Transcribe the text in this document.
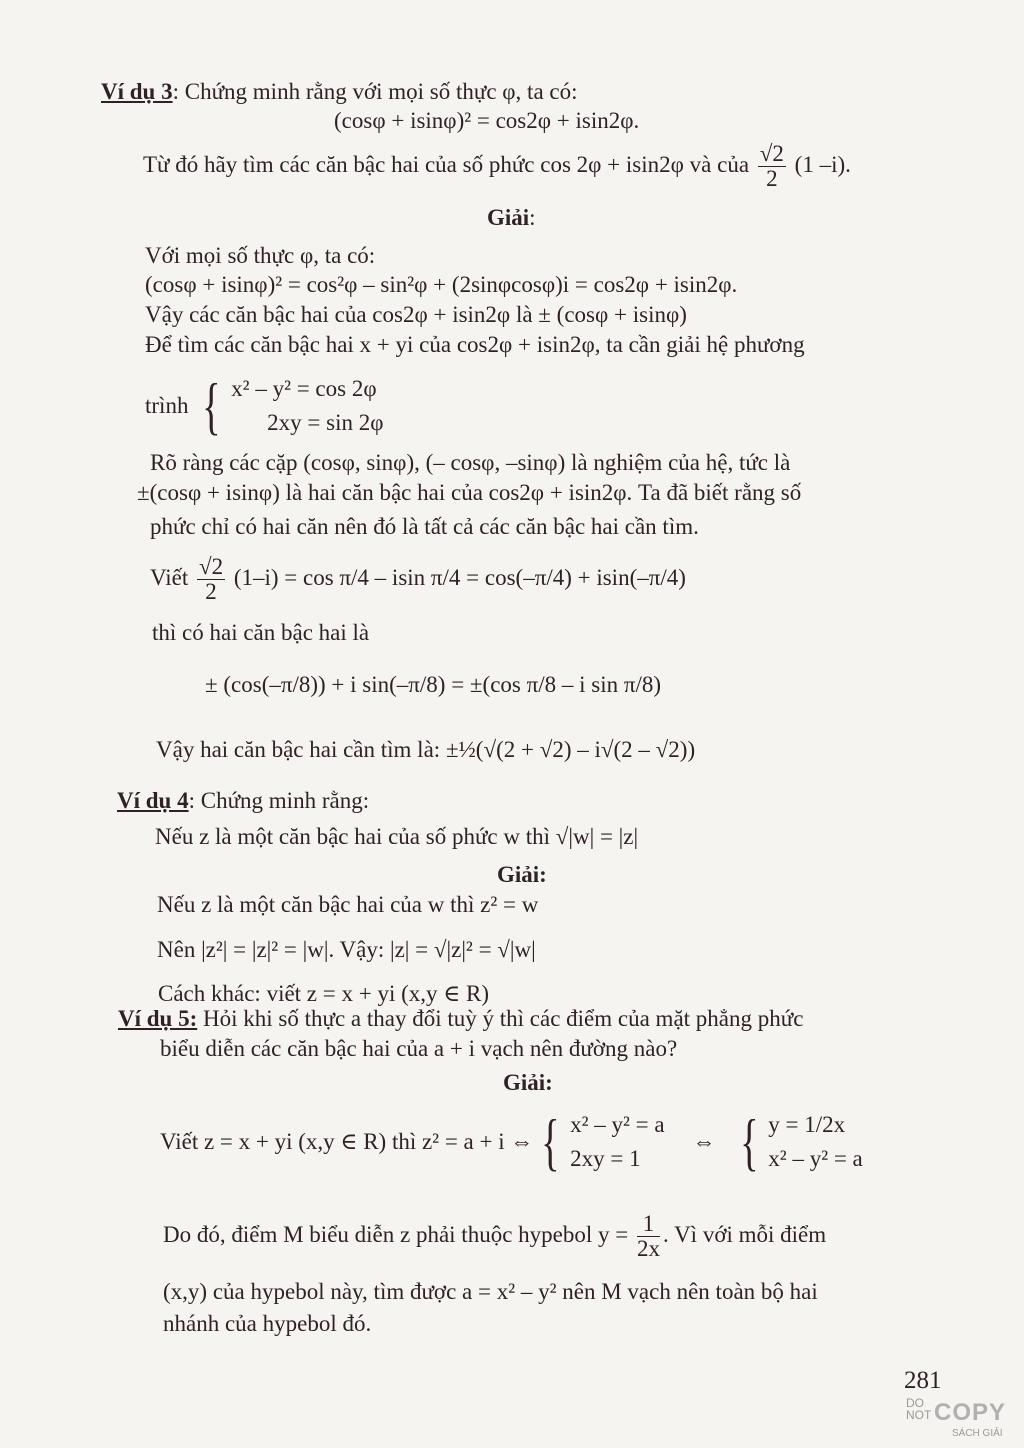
Ví dụ 3: Chứng minh rằng với mọi số thực φ, ta có:
(cosφ + isinφ)² = cos2φ + isin2φ.
Từ đó hãy tìm các căn bậc hai của số phức cos 2φ + isin2φ và của $\frac{√2}{2} (1$ –i).
Giải:
Với mọi số thực φ, ta có:
(cosφ + isinφ)² = cos²φ – sin²φ + (2sinφcosφ)i = cos2φ + isin2φ.
Vậy các căn bậc hai của cos2φ + isin2φ là ± (cosφ + isinφ)
Để tìm các căn bậc hai x + yi của cos2φ + isin2φ, ta cần giải hệ phương
trình { x² – y² = cos 2φ
2xy = sin 2φ
Rõ ràng các cặp (cosφ, sinφ), (– cosφ, –sinφ) là nghiệm của hệ, tức là
±(cosφ + isinφ) là hai căn bậc hai của cos2φ + isin2φ. Ta đã biết rằng số
phức chỉ có hai căn nên đó là tất cả các căn bậc hai cần tìm.
Viết $\frac{√2}{2} (1-i) = \cos \pi/4 - isin$ π/4 = cos(–π/4) + isin(–π/4)
thì có hai căn bậc hai là
± (cos(–π/8)) + i sin(–π/8) = ±(cos π/8 – i sin π/8)
Vậy hai căn bậc hai cần tìm là: ±½(√(2 + √2) – i√(2 – √2))
Ví dụ 4: Chứng minh rằng:
Nếu z là một căn bậc hai của số phức w thì √|w| = |z|
Giải:
Nếu z là một căn bậc hai của w thì z² = w
Nên |z²| = |z|² = |w|. Vậy: |z| = √|z|² = √|w|
Cách khác: viết z = x + yi (x,y ∈ R)
Ví dụ 5: Hỏi khi số thực a thay đổi tuỳ ý thì các điểm của mặt phẳng phức
biểu diễn các căn bậc hai của a + i vạch nên đường nào?
Giải:
Viết z = x + yi (x,y ∈ R) thì z² = a + i ⇔ { x² – y² = a
2xy = 1
⇔ { y = 1/2x
x² – y² = a
Do đó, điểm M biểu diễn z phải thuộc hypebol $y = \frac{1}{2x}$ . Vì với mỗi điểm
(x,y) của hypebol này, tìm được a = x² – y² nên M vạch nên toàn bộ hai
nhánh của hypebol đó.
281
DO NOT COPY
SÁCH GIẢI
